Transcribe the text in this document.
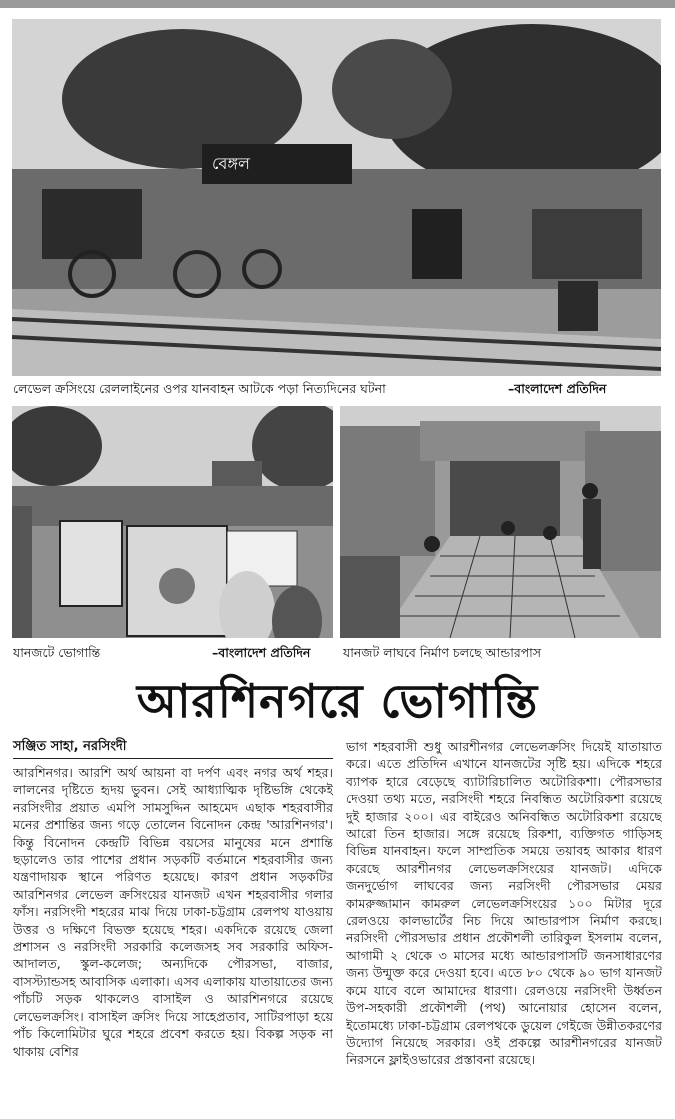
বেঙ্গল
লেভেল ক্রসিংয়ে রেললাইনের ওপর যানবাহন আটকে পড়া নিত্যদিনের ঘটনা	–বাংলাদেশ প্রতিদিন
যানজটে ভোগান্তি	–বাংলাদেশ প্রতিদিন	যানজট লাঘবে নির্মাণ চলছে আন্ডারপাস
আরশিনগরে ভোগান্তি
সঞ্জিত সাহা, নরসিংদী
আরশিনগর। আরশি অর্থ আয়না বা দর্পণ এবং নগর অর্থ শহর। লালনের দৃষ্টিতে হৃদয় ভুবন। সেই আধ্যাত্মিক দৃষ্টিভঙ্গি থেকেই নরসিংদীর প্রয়াত এমপি সামসুদ্দিন আহমেদ এছাক শহরবাসীর মনের প্রশান্তির জন্য গড়ে তোলেন বিনোদন কেন্দ্র 'আরশিনগর'। কিন্তু বিনোদন কেন্দ্রটি বিভিন্ন বয়সের মানুষের মনে প্রশান্তি ছড়ালেও তার পাশের প্রধান সড়কটি বর্তমানে শহরবাসীর জন্য যন্ত্রণাদায়ক স্থানে পরিণত হয়েছে। কারণ প্রধান সড়কটির আরশিনগর লেভেল ক্রসিংয়ের যানজট এখন শহরবাসীর গলার ফাঁস। নরসিংদী শহরের মাঝ দিয়ে ঢাকা-চট্টগ্রাম রেলপথ যাওয়ায় উত্তর ও দক্ষিণে বিভক্ত হয়েছে শহর। একদিকে রয়েছে জেলা প্রশাসন ও নরসিংদী সরকারি কলেজসহ সব সরকারি অফিস-আদালত, স্কুল-কলেজ; অন্যদিকে পৌরসভা, বাজার, বাসস্ট্যান্ডসহ আবাসিক এলাকা। এসব এলাকায় যাতায়াতের জন্য পাঁচটি সড়ক থাকলেও বাসাইল ও আরশিনগরে রয়েছে লেভেলক্রসিং। বাসাইল ক্রসিং দিয়ে সাহেপ্রতাব, সাটিরপাড়া হয়ে পাঁচ কিলোমিটার ঘুরে শহরে প্রবেশ করতে হয়। বিকল্প সড়ক না থাকায় বেশির
ভাগ শহরবাসী শুধু আরশীনগর লেভেলক্রসিং দিয়েই যাতায়াত করে। এতে প্রতিদিন এখানে যানজটের সৃষ্টি হয়। এদিকে শহরে ব্যাপক হারে বেড়েছে ব্যাটারিচালিত অটোরিকশা। পৌরসভার দেওয়া তথ্য মতে, নরসিংদী শহরে নিবন্ধিত অটোরিকশা রয়েছে দুই হাজার ২০০। এর বাইরেও অনিবন্ধিত অটোরিকশা রয়েছে আরো তিন হাজার। সঙ্গে রয়েছে রিকশা, ব্যক্তিগত গাড়িসহ বিভিন্ন যানবাহন। ফলে সাম্প্রতিক সময়ে তয়াবহ আকার ধারণ করেছে আরশীনগর লেভেলক্রসিংয়ের যানজট। এদিকে জনদুর্ভোগ লাঘবের জন্য নরসিংদী পৌরসভার মেয়র কামরুজ্জামান কামরুল লেভেলক্রসিংয়ের ১০০ মিটার দূরে রেলওয়ে কালভার্টের নিচ দিয়ে আন্ডারপাস নির্মাণ করছে। নরসিংদী পৌরসভার প্রধান প্রকৌশলী তারিকুল ইসলাম বলেন, আগামী ২ থেকে ৩ মাসের মধ্যে আন্ডারপাসটি জনসাধারণের জন্য উন্মুক্ত করে দেওয়া হবে। এতে ৮০ থেকে ৯০ ভাগ যানজট কমে যাবে বলে আমাদের ধারণা। রেলওয়ে নরসিংদী উর্ধ্বতন উপ-সহকারী প্রকৌশলী (পথ) আনোয়ার হোসেন বলেন, ইতোমধ্যে ঢাকা-চট্টগ্রাম রেলপথকে ডুয়েল গেইজে উন্নীতকরণের উদ্যোগ নিয়েছে সরকার। ওই প্রকল্পে আরশীনগরের যানজট নিরসনে ফ্লাইওভারের প্রস্তাবনা রয়েছে।
